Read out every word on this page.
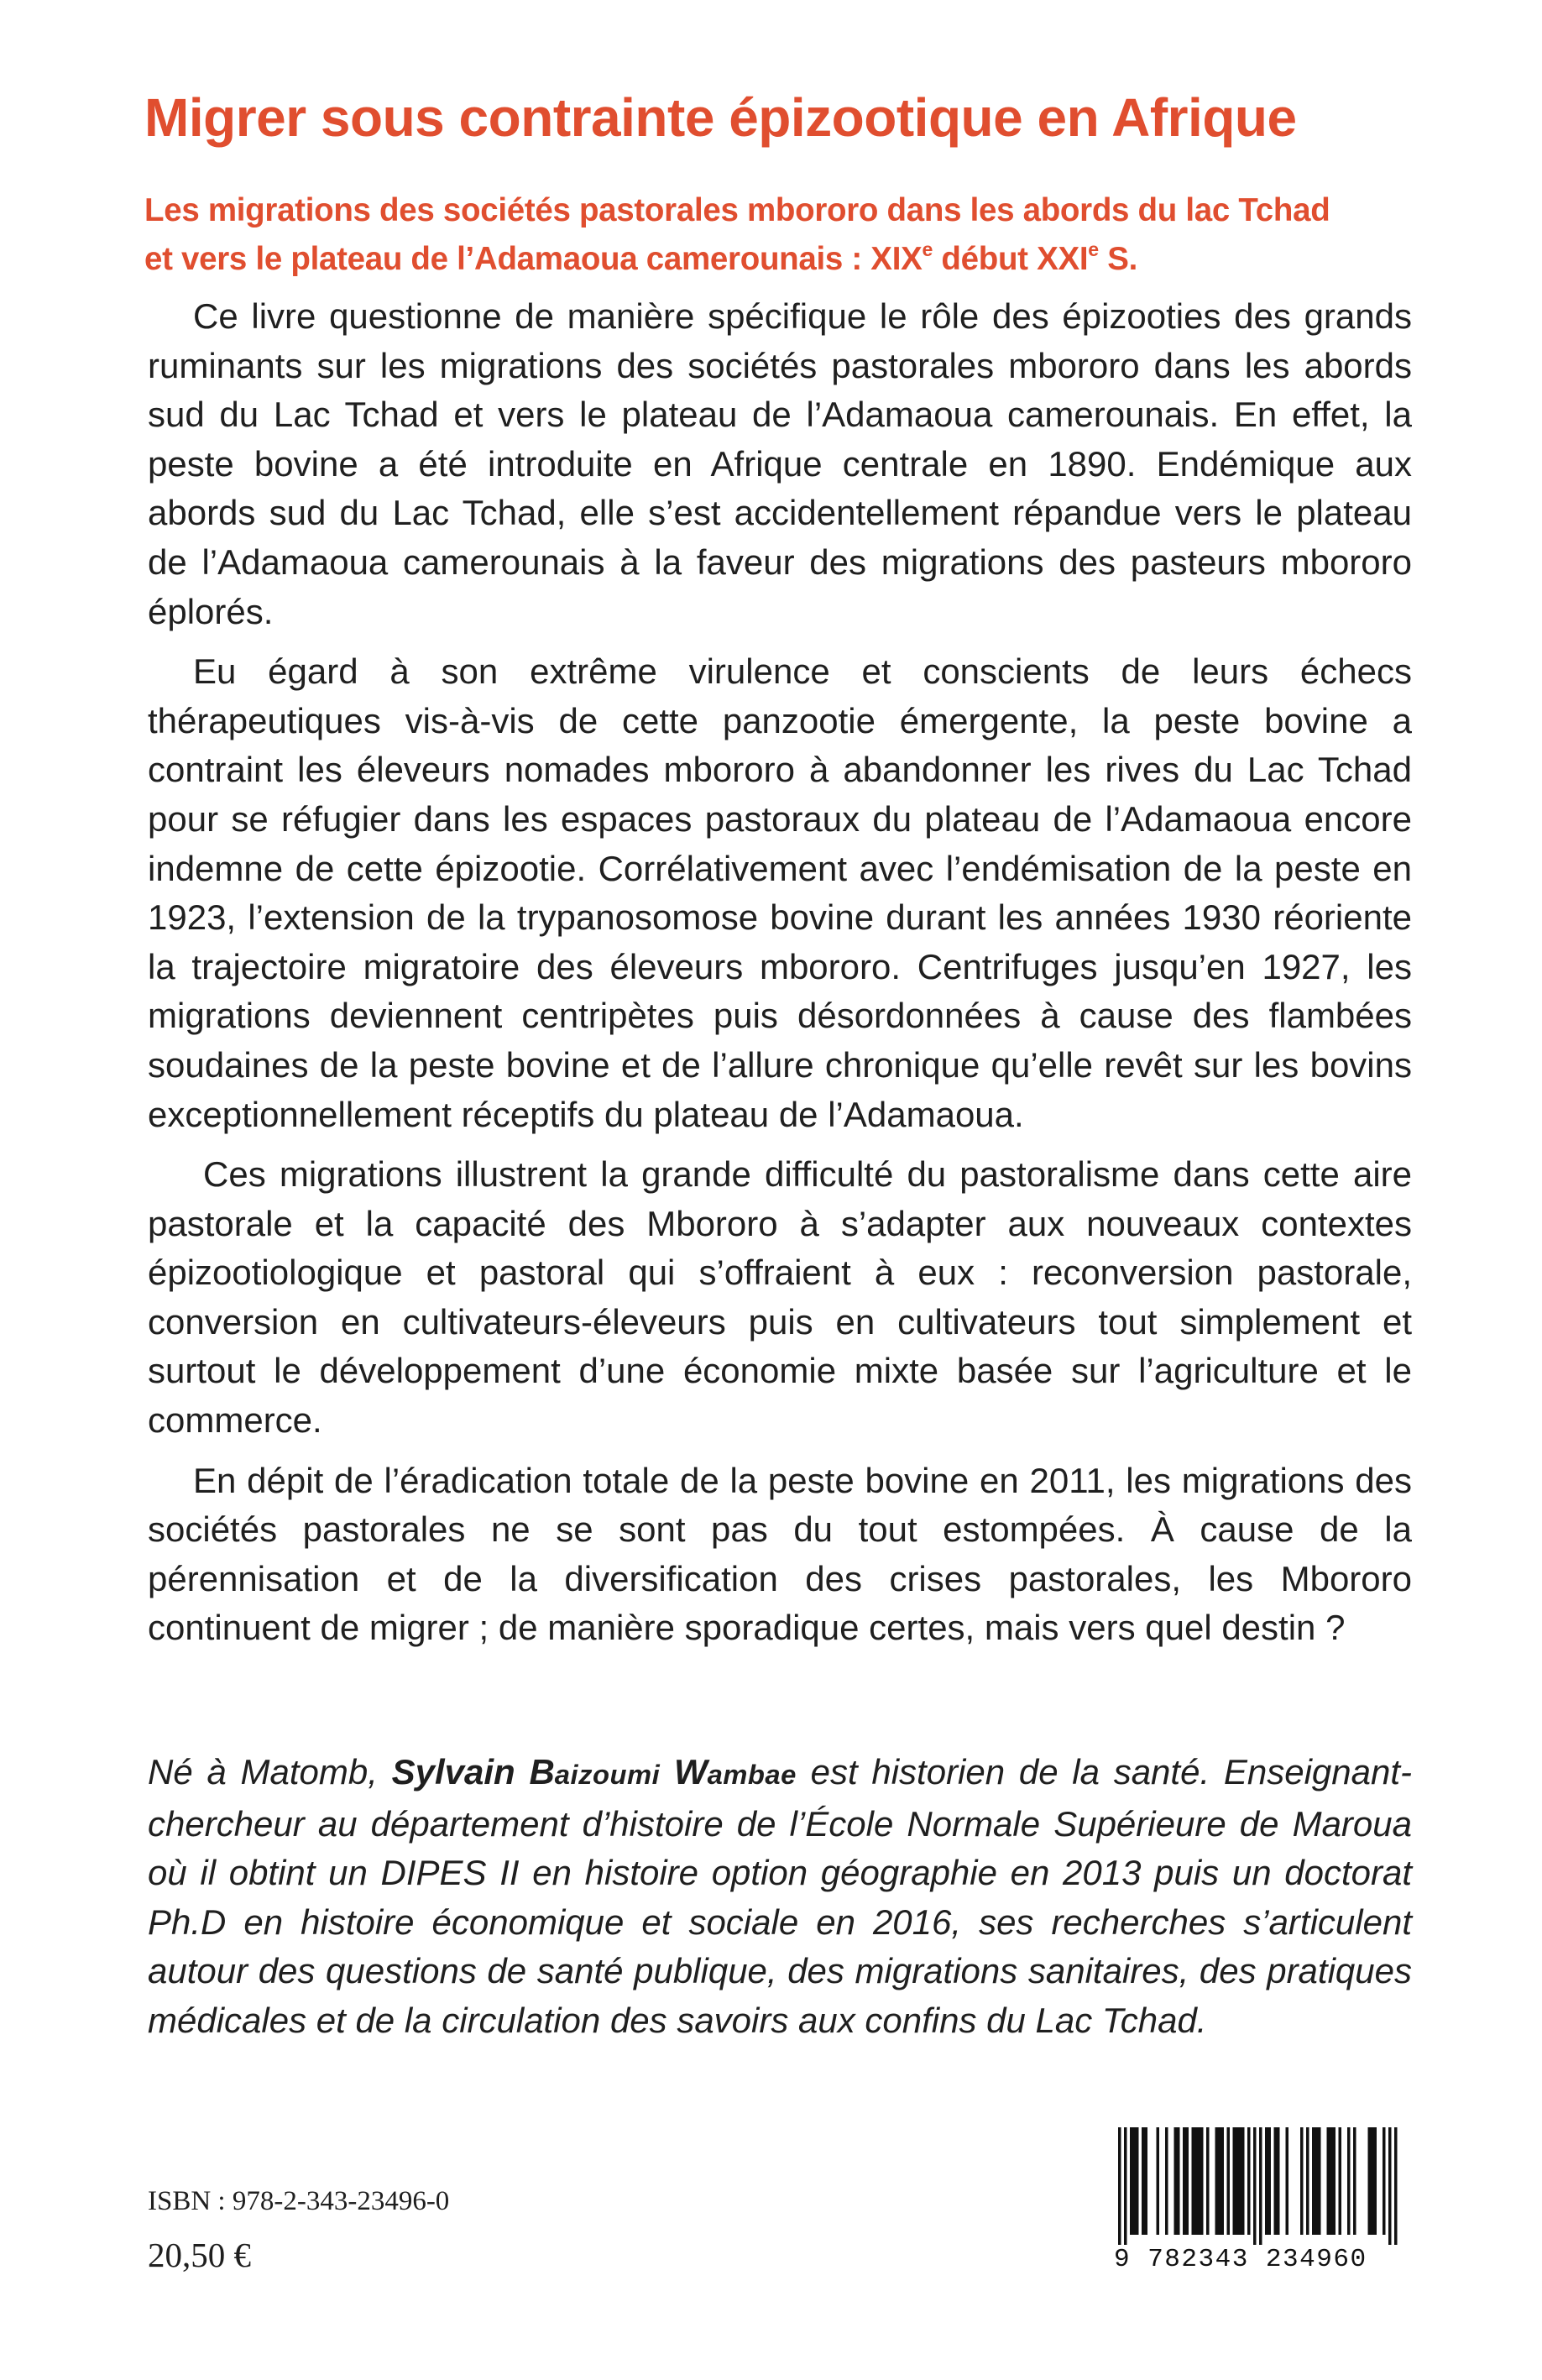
Migrer sous contrainte épizootique en Afrique
Les migrations des sociétés pastorales mbororo dans les abords du lac Tchad
et vers le plateau de l’Adamaoua camerounais : XIXe début XXIe S.

Ce livre questionne de manière spécifique le rôle des épizooties des grands ruminants sur les migrations des sociétés pastorales mbororo dans les abords sud du Lac Tchad et vers le plateau de l’Adamaoua camerounais. En effet, la peste bovine a été introduite en Afrique centrale en 1890. Endémique aux abords sud du Lac Tchad, elle s’est accidentellement répandue vers le plateau de l’Adamaoua camerounais à la faveur des migrations des pasteurs mbororo éplorés.

Eu égard à son extrême virulence et conscients de leurs échecs thérapeutiques vis-à-vis de cette panzootie émergente, la peste bovine a contraint les éleveurs nomades mbororo à abandonner les rives du Lac Tchad pour se réfugier dans les espaces pastoraux du plateau de l’Adamaoua encore indemne de cette épizootie. Corrélativement avec l’endémisation de la peste en 1923, l’extension de la trypanosomose bovine durant les années 1930 réoriente la trajectoire migratoire des éleveurs mbororo. Centrifuges jusqu’en 1927, les migrations deviennent centripètes puis désordonnées à cause des flambées soudaines de la peste bovine et de l’allure chronique qu’elle revêt sur les bovins exceptionnellement réceptifs du plateau de l’Adamaoua.

Ces migrations illustrent la grande difficulté du pastoralisme dans cette aire pastorale et la capacité des Mbororo à s’adapter aux nouveaux contextes épizootiologique et pastoral qui s’offraient à eux : reconversion pastorale, conversion en cultivateurs-éleveurs puis en cultivateurs tout simplement et surtout le développement d’une économie mixte basée sur l’agriculture et le commerce.

En dépit de l’éradication totale de la peste bovine en 2011, les migrations des sociétés pastorales ne se sont pas du tout estompées. À cause de la pérennisation et de la diversification des crises pastorales, les Mbororo continuent de migrer ; de manière sporadique certes, mais vers quel destin ?

Né à Matomb, Sylvain Baizoumi Wambae est historien de la santé. Enseignant-chercheur au département d’histoire de l’École Normale Supérieure de Maroua où il obtint un DIPES II en histoire option géographie en 2013 puis un doctorat Ph.D en histoire économique et sociale en 2016, ses recherches s’articulent autour des questions de santé publique, des migrations sanitaires, des pratiques médicales et de la circulation des savoirs aux confins du Lac Tchad.

ISBN : 978-2-343-23496-0
20,50 €	9 782343 234960
